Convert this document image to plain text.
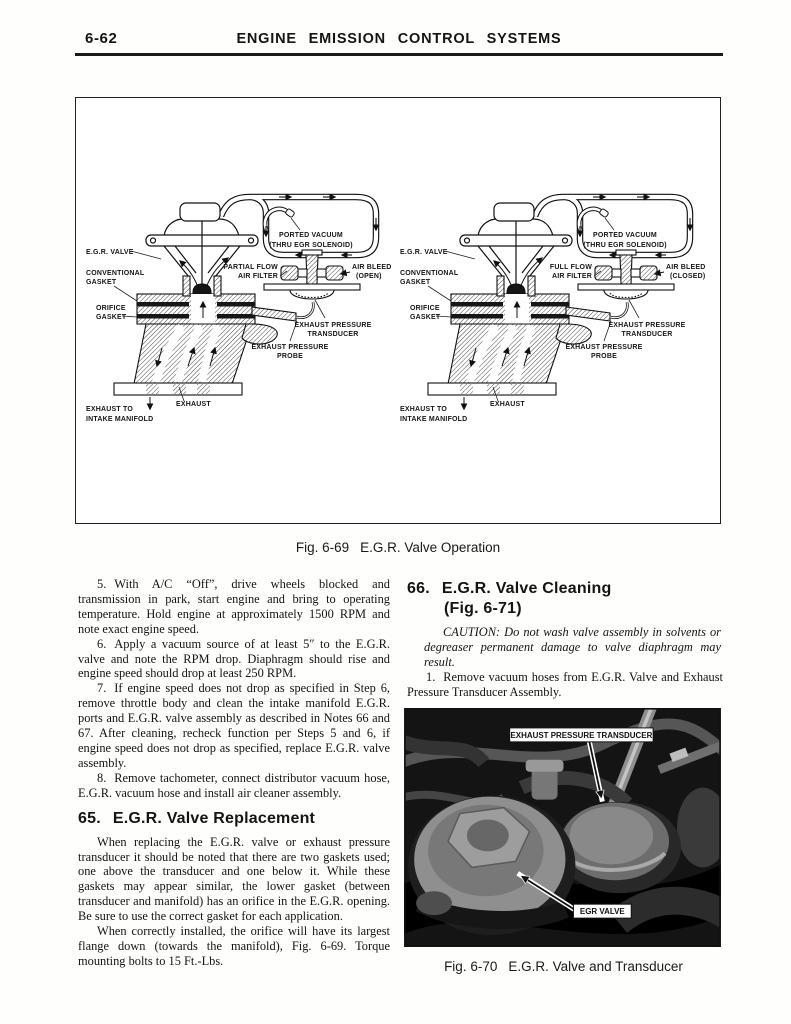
6-62	ENGINE EMISSION CONTROL SYSTEMS
E.G.R. VALVE
CONVENTIONAL
GASKET
ORIFICE
GASKET
PORTED VACUUM
(THRU EGR SOLENOID)
PARTIAL FLOW
AIR FILTER
AIR BLEED
(OPEN)
EXHAUST PRESSURE
TRANSDUCER
EXHAUST PRESSURE
PROBE
EXHAUST TO
INTAKE MANIFOLD
EXHAUST
E.G.R. VALVE
CONVENTIONAL
GASKET
ORIFICE
GASKET
PORTED VACUUM
(THRU EGR SOLENOID)
FULL FLOW
AIR FILTER
AIR BLEED
(CLOSED)
EXHAUST PRESSURE
TRANSDUCER
EXHAUST PRESSURE
PROBE
EXHAUST TO
INTAKE MANIFOLD
EXHAUST
Fig. 6-69 E.G.R. Valve Operation

5. With A/C “Off”, drive wheels blocked and transmission in park, start engine and bring to operating temperature. Hold engine at approximately 1500 RPM and note exact engine speed.

6. Apply a vacuum source of at least 5″ to the E.G.R. valve and note the RPM drop. Diaphragm should rise and engine speed should drop at least 250 RPM.

7. If engine speed does not drop as specified in Step 6, remove throttle body and clean the intake manifold E.G.R. ports and E.G.R. valve assembly as described in Notes 66 and 67. After cleaning, recheck function per Steps 5 and 6, if engine speed does not drop as specified, replace E.G.R. valve assembly.

8. Remove tachometer, connect distributor vacuum hose, E.G.R. vacuum hose and install air cleaner assembly.

65. E.G.R. Valve Replacement

When replacing the E.G.R. valve or exhaust pressure transducer it should be noted that there are two gaskets used; one above the transducer and one below it. While these gaskets may appear similar, the lower gasket (between transducer and manifold) has an orifice in the E.G.R. opening. Be sure to use the correct gasket for each application.

When correctly installed, the orifice will have its largest flange down (towards the manifold), Fig. 6-69. Torque mounting bolts to 15 Ft.-Lbs.

66. E.G.R. Valve Cleaning
(Fig. 6-71)

CAUTION: Do not wash valve assembly in solvents or degreaser permanent damage to valve diaphragm may result.

1. Remove vacuum hoses from E.G.R. Valve and Exhaust Pressure Transducer Assembly.

EXHAUST PRESSURE TRANSDUCER
EGR VALVE
Fig. 6-70 E.G.R. Valve and Transducer
